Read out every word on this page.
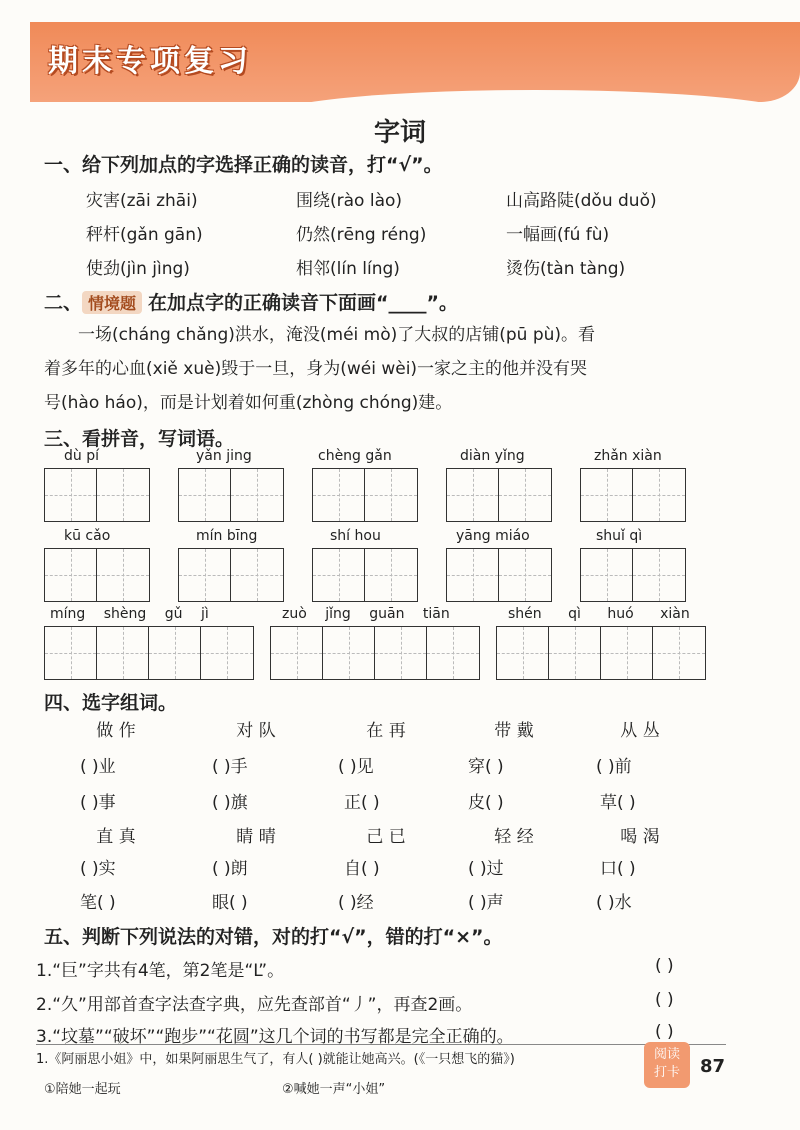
期末专项复习
字词
一、给下列加点的字选择正确的读音，打“√”。
灾害(zāi zhāi)	围绕(rào lào)	山高路陡(dǒu duǒ)
秤杆(gǎn gān)	仍然(rēng réng)	一幅画(fú fù)
使劲(jìn jìng)	相邻(lín líng)	烫伤(tàn tàng)
二、 情境题 在加点字的正确读音下面画“____”。
一场(cháng chǎng)洪水，淹没(méi mò)了大叔的店铺(pū pù)。看
着多年的心血(xiě xuè)毁于一旦，身为(wéi wèi)一家之主的他并没有哭
号(hào háo)，而是计划着如何重(zhòng chóng)建。
三、看拼音，写词语。
dù pí	yǎn jing	chèng gǎn	diàn yǐng	zhǎn xiàn
kū cǎo	mín bīng	shí hou	yāng miáo	shuǐ qì
míng shèng gǔ jì	zuò jǐng guān tiān	shén qì huó xiàn
四、选字组词。
做 作	对 队	在 再	带 戴	从 丛
( )业	( )手	( )见	穿( )	( )前
( )事	( )旗	正( )	皮( )	草( )
直 真	睛 晴	己 已	轻 经	喝 渴
( )实	( )朗	自( )	( )过	口( )
笔( )	眼( )	( )经	( )声	( )水
五、判断下列说法的对错，对的打“√”，错的打“×”。
1.“巨”字共有4笔，第2笔是“L”。	( )
2.“久”用部首查字法查字典，应先查部首“丿”，再查2画。	( )
3.“坟墓”“破坏”“跑步”“花圆”这几个词的书写都是完全正确的。	( )
1.《阿丽思小姐》中，如果阿丽思生气了，有人( )就能让她高兴。(《一只想飞的猫》)
①陪她一起玩	②喊她一声“小姐”
阅读
打卡	87
